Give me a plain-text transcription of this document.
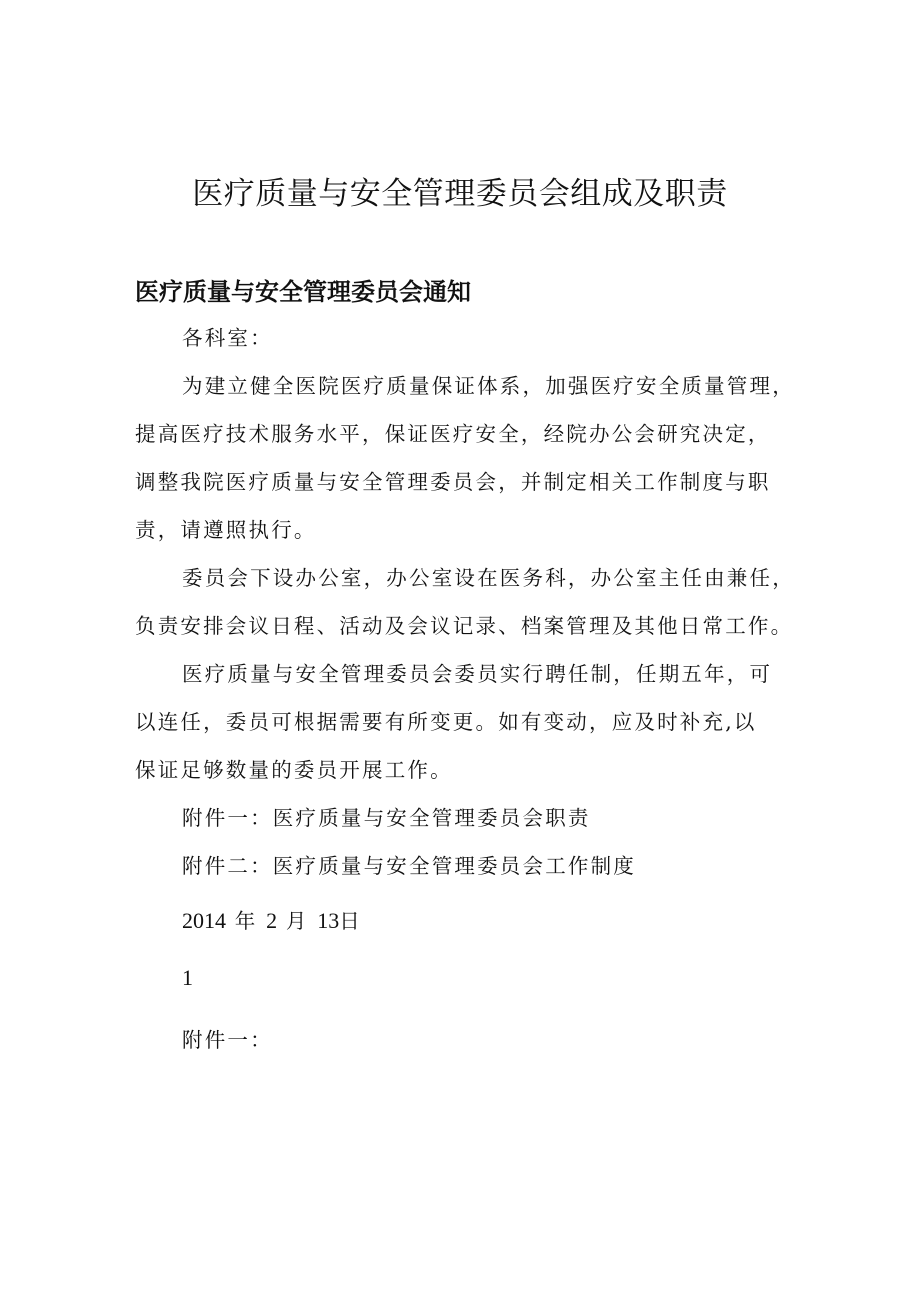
医疗质量与安全管理委员会组成及职责
医疗质量与安全管理委员会通知
各科室：
为建立健全医院医疗质量保证体系，加强医疗安全质量管理，
提高医疗技术服务水平，保证医疗安全，经院办公会研究决定，
调整我院医疗质量与安全管理委员会，并制定相关工作制度与职
责，请遵照执行。
委员会下设办公室，办公室设在医务科，办公室主任由兼任，
负责安排会议日程、活动及会议记录、档案管理及其他日常工作。
医疗质量与安全管理委员会委员实行聘任制，任期五年，可
以连任，委员可根据需要有所变更。如有变动，应及时补充,以
保证足够数量的委员开展工作。
附件一：医疗质量与安全管理委员会职责
附件二：医疗质量与安全管理委员会工作制度
2014 年 2 月 13日
1
附件一：
